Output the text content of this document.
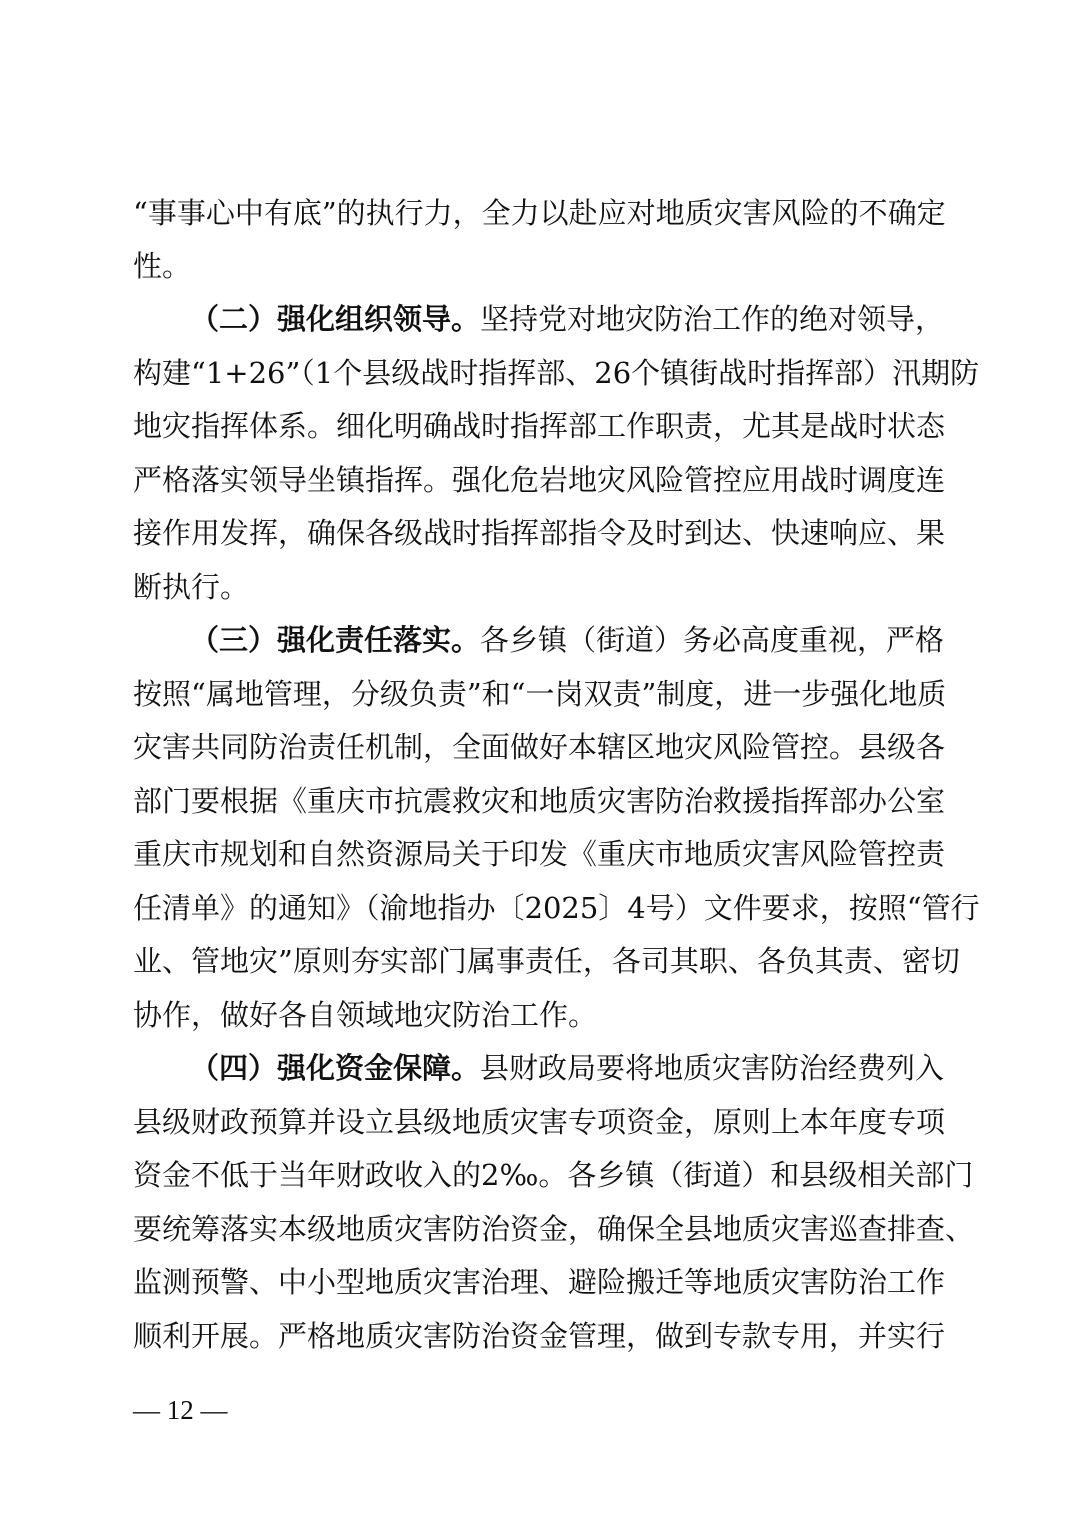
“事事心中有底”的执行力，全力以赴应对地质灾害风险的不确定
性。
（二）强化组织领导。坚持党对地灾防治工作的绝对领导，
构建“1+26”（1个县级战时指挥部、26个镇街战时指挥部）汛期防
地灾指挥体系。细化明确战时指挥部工作职责，尤其是战时状态
严格落实领导坐镇指挥。强化危岩地灾风险管控应用战时调度连
接作用发挥，确保各级战时指挥部指令及时到达、快速响应、果
断执行。
（三）强化责任落实。各乡镇（街道）务必高度重视，严格
按照“属地管理，分级负责”和“一岗双责”制度，进一步强化地质
灾害共同防治责任机制，全面做好本辖区地灾风险管控。县级各
部门要根据《重庆市抗震救灾和地质灾害防治救援指挥部办公室
重庆市规划和自然资源局关于印发《重庆市地质灾害风险管控责
任清单》的通知》（渝地指办〔2025〕4号）文件要求，按照“管行
业、管地灾”原则夯实部门属事责任，各司其职、各负其责、密切
协作，做好各自领域地灾防治工作。
（四）强化资金保障。县财政局要将地质灾害防治经费列入
县级财政预算并设立县级地质灾害专项资金，原则上本年度专项
资金不低于当年财政收入的2‰。各乡镇（街道）和县级相关部门
要统筹落实本级地质灾害防治资金，确保全县地质灾害巡查排查、
监测预警、中小型地质灾害治理、避险搬迁等地质灾害防治工作
顺利开展。严格地质灾害防治资金管理，做到专款专用，并实行
— 12 —
